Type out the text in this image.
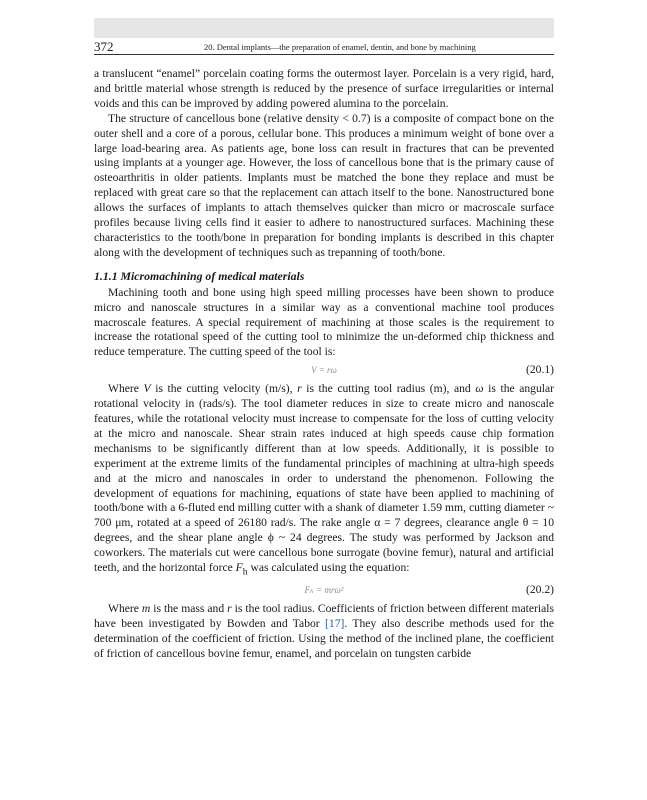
372	20. Dental implants—the preparation of enamel, dentin, and bone by machining

a translucent “enamel” porcelain coating forms the outermost layer. Porcelain is a very rigid, hard, and brittle material whose strength is reduced by the presence of surface irregularities or internal voids and this can be improved by adding powered alumina to the porcelain.

The structure of cancellous bone (relative density < 0.7) is a composite of compact bone on the outer shell and a core of a porous, cellular bone. This produces a minimum weight of bone over a large load-bearing area. As patients age, bone loss can result in fractures that can be prevented using implants at a younger age. However, the loss of cancellous bone that is the primary cause of osteoarthritis in older patients. Implants must be matched the bone they replace and must be replaced with great care so that the replacement can attach itself to the bone. Nanostructured bone allows the surfaces of implants to attach themselves quicker than micro or macroscale surface profiles because living cells find it easier to adhere to nanostructured surfaces. Machining these characteristics to the tooth/bone in preparation for bonding implants is described in this chapter along with the development of techniques such as trepanning of tooth/bone.

1.1.1 Micromachining of medical materials

Machining tooth and bone using high speed milling processes have been shown to produce micro and nanoscale structures in a similar way as a conventional machine tool produces macroscale features. A special requirement of machining at those scales is the requirement to increase the rotational speed of the cutting tool to minimize the un-deformed chip thickness and reduce temperature. The cutting speed of the tool is:

V = rω	(20.1)

Where V is the cutting velocity (m/s), r is the cutting tool radius (m), and ω is the angular rotational velocity in (rads/s). The tool diameter reduces in size to create micro and nanoscale features, while the rotational velocity must increase to compensate for the loss of cutting velocity at the micro and nanoscale. Shear strain rates induced at high speeds cause chip formation mechanisms to be significantly different than at low speeds. Additionally, it is possible to experiment at the extreme limits of the fundamental principles of machining at ultra-high speeds and at the micro and nanoscales in order to understand the phenomenon. Following the development of equations for machining, equations of state have been applied to machining of tooth/bone with a 6-fluted end milling cutter with a shank of diameter 1.59 mm, cutting diameter ~ 700 μm, rotated at a speed of 26180 rad/s. The rake angle α = 7 degrees, clearance angle θ = 10 degrees, and the shear plane angle ϕ ~ 24 degrees. The study was performed by Jackson and coworkers. The materials cut were cancellous bone surrogate (bovine femur), natural and artificial teeth, and the horizontal force $F_h$ was calculated using the equation:

Fₕ = mrω²	(20.2)

Where m is the mass and r is the tool radius. Coefficients of friction between different materials have been investigated by Bowden and Tabor [17]. They also describe methods used for the determination of the coefficient of friction. Using the method of the inclined plane, the coefficient of friction of cancellous bovine femur, enamel, and porcelain on tungsten carbide
